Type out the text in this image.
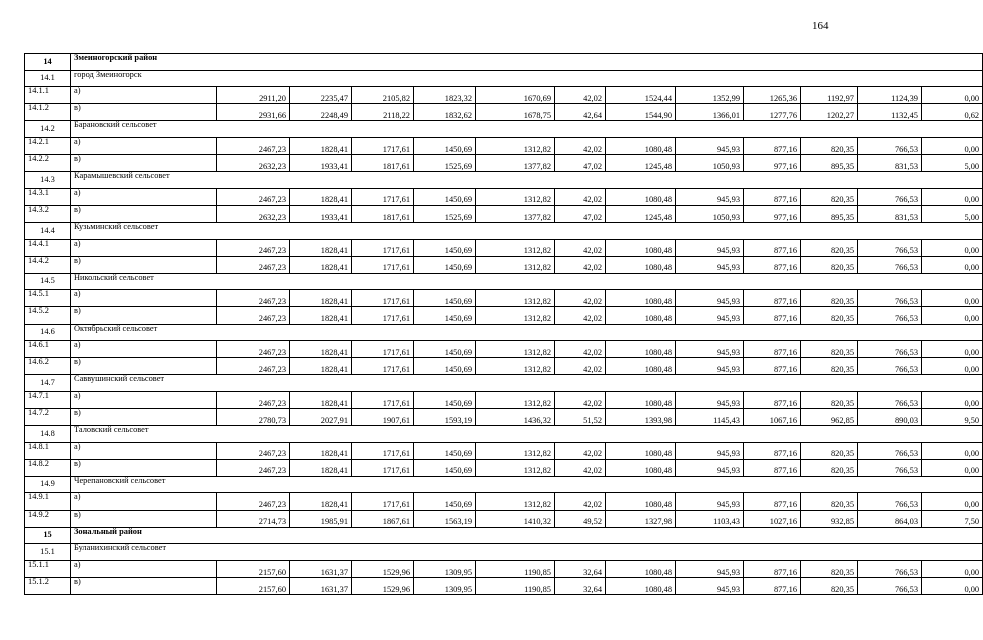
164
14	Змеиногорский район												
14.1	город Змеиногорск												
14.1.1	а)	2911,20	2235,47	2105,82	1823,32	1670,69	42,02	1524,44	1352,99	1265,36	1192,97	1124,39	0,00
14.1.2	в)	2931,66	2248,49	2118,22	1832,62	1678,75	42,64	1544,90	1366,01	1277,76	1202,27	1132,45	0,62
14.2	Барановский сельсовет												
14.2.1	а)	2467,23	1828,41	1717,61	1450,69	1312,82	42,02	1080,48	945,93	877,16	820,35	766,53	0,00
14.2.2	в)	2632,23	1933,41	1817,61	1525,69	1377,82	47,02	1245,48	1050,93	977,16	895,35	831,53	5,00
14.3	Карамышевский сельсовет												
14.3.1	а)	2467,23	1828,41	1717,61	1450,69	1312,82	42,02	1080,48	945,93	877,16	820,35	766,53	0,00
14.3.2	в)	2632,23	1933,41	1817,61	1525,69	1377,82	47,02	1245,48	1050,93	977,16	895,35	831,53	5,00
14.4	Кузьминский сельсовет												
14.4.1	а)	2467,23	1828,41	1717,61	1450,69	1312,82	42,02	1080,48	945,93	877,16	820,35	766,53	0,00
14.4.2	в)	2467,23	1828,41	1717,61	1450,69	1312,82	42,02	1080,48	945,93	877,16	820,35	766,53	0,00
14.5	Никольский сельсовет												
14.5.1	а)	2467,23	1828,41	1717,61	1450,69	1312,82	42,02	1080,48	945,93	877,16	820,35	766,53	0,00
14.5.2	в)	2467,23	1828,41	1717,61	1450,69	1312,82	42,02	1080,48	945,93	877,16	820,35	766,53	0,00
14.6	Октябрьский сельсовет												
14.6.1	а)	2467,23	1828,41	1717,61	1450,69	1312,82	42,02	1080,48	945,93	877,16	820,35	766,53	0,00
14.6.2	в)	2467,23	1828,41	1717,61	1450,69	1312,82	42,02	1080,48	945,93	877,16	820,35	766,53	0,00
14.7	Саввушинский сельсовет												
14.7.1	а)	2467,23	1828,41	1717,61	1450,69	1312,82	42,02	1080,48	945,93	877,16	820,35	766,53	0,00
14.7.2	в)	2780,73	2027,91	1907,61	1593,19	1436,32	51,52	1393,98	1145,43	1067,16	962,85	890,03	9,50
14.8	Таловский сельсовет												
14.8.1	а)	2467,23	1828,41	1717,61	1450,69	1312,82	42,02	1080,48	945,93	877,16	820,35	766,53	0,00
14.8.2	в)	2467,23	1828,41	1717,61	1450,69	1312,82	42,02	1080,48	945,93	877,16	820,35	766,53	0,00
14.9	Черепановский сельсовет												
14.9.1	а)	2467,23	1828,41	1717,61	1450,69	1312,82	42,02	1080,48	945,93	877,16	820,35	766,53	0,00
14.9.2	в)	2714,73	1985,91	1867,61	1563,19	1410,32	49,52	1327,98	1103,43	1027,16	932,85	864,03	7,50
15	Зональный район												
15.1	Буланихинский сельсовет												
15.1.1	а)	2157,60	1631,37	1529,96	1309,95	1190,85	32,64	1080,48	945,93	877,16	820,35	766,53	0,00
15.1.2	в)	2157,60	1631,37	1529,96	1309,95	1190,85	32,64	1080,48	945,93	877,16	820,35	766,53	0,00
